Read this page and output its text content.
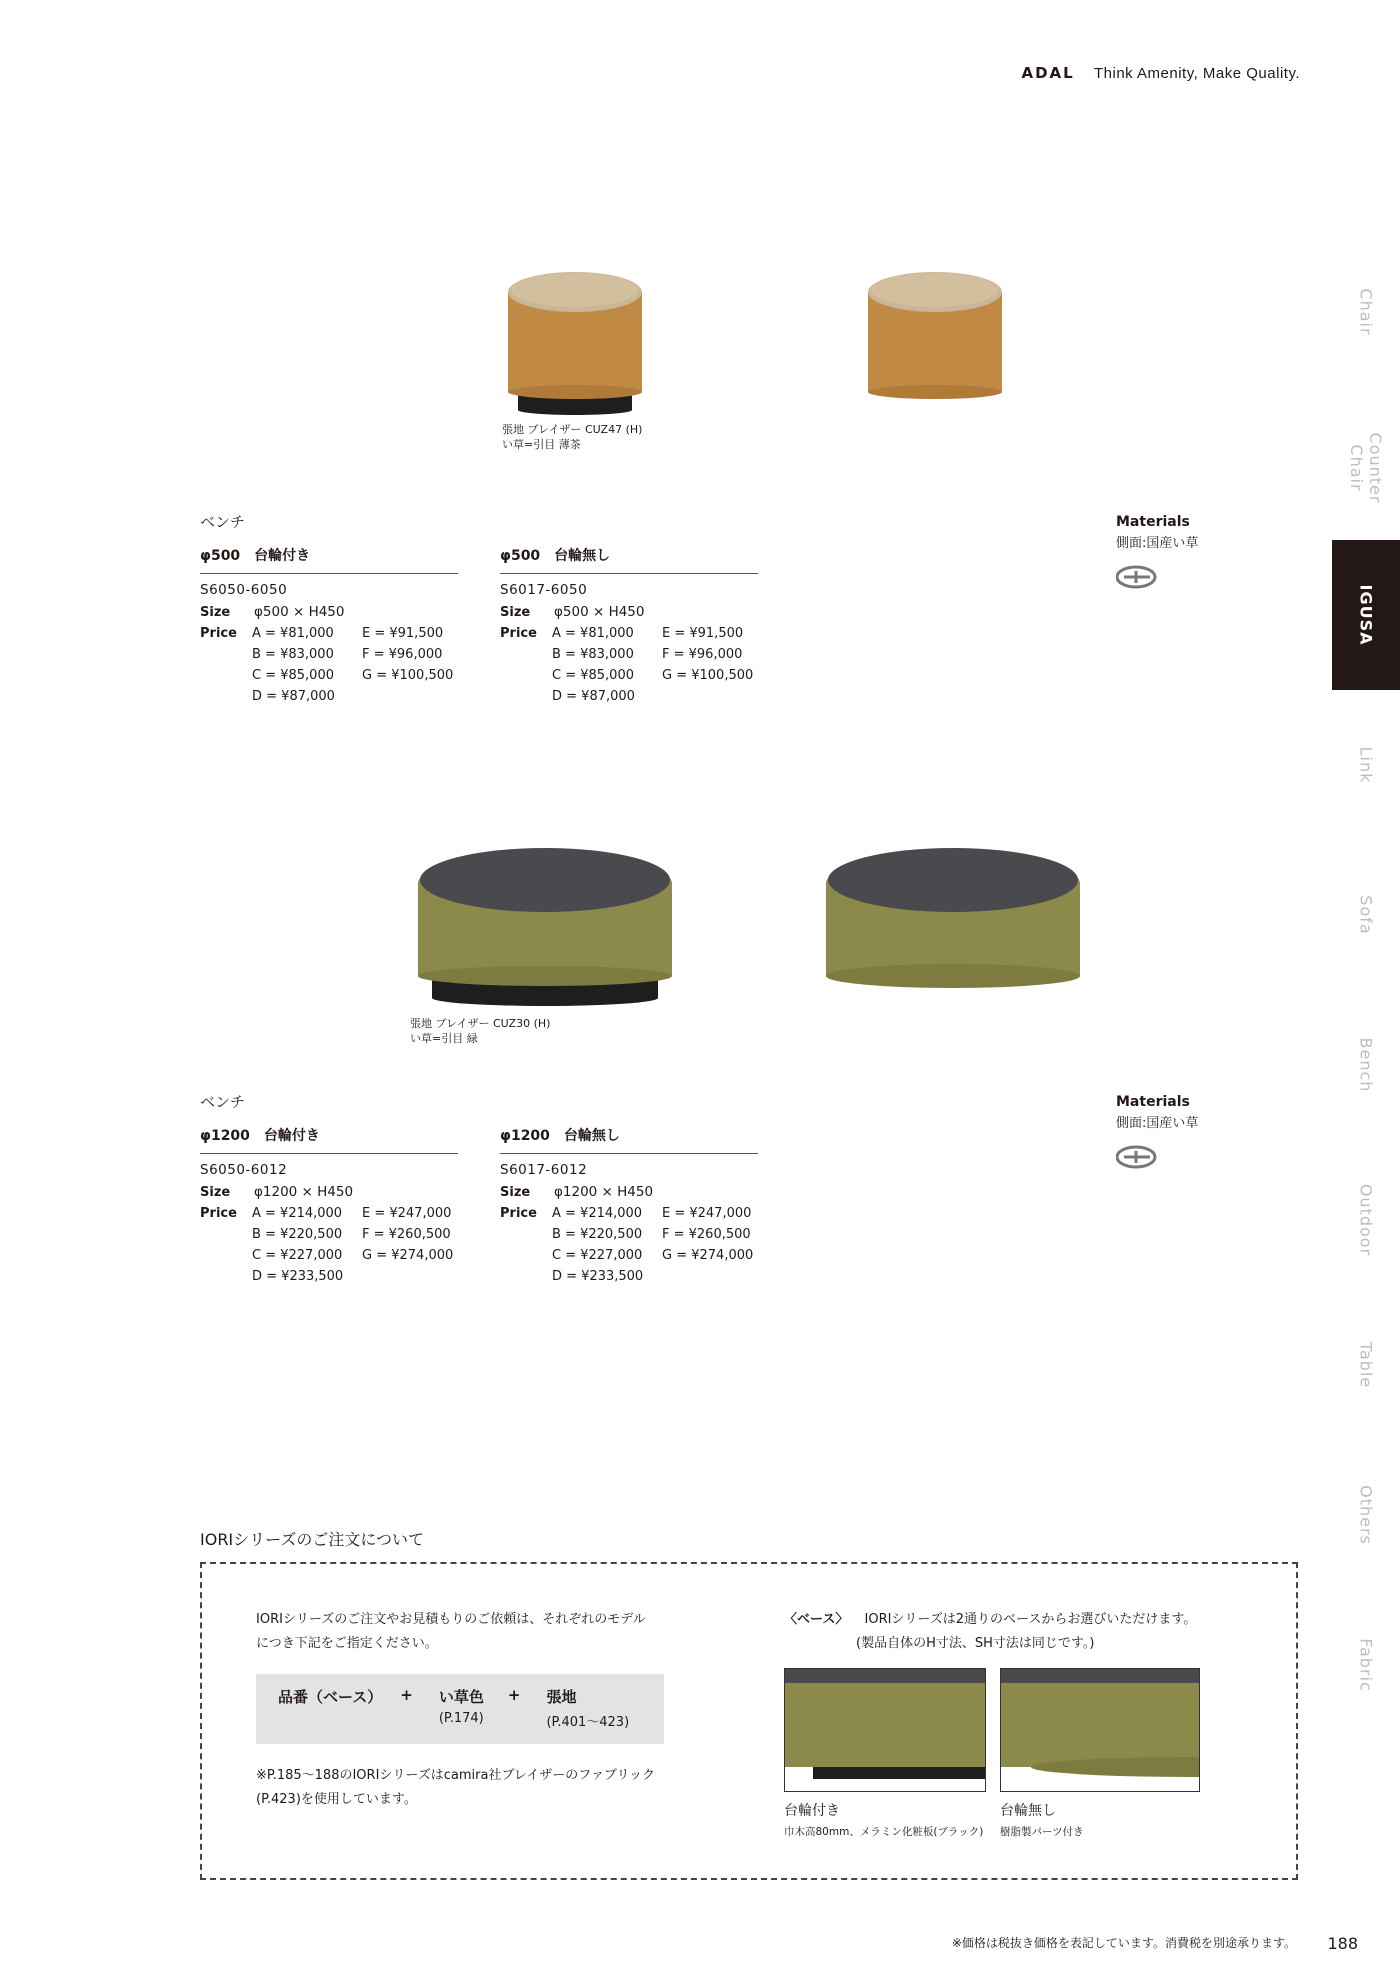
ADAL Think Amenity, Make Quality.
Chair
Counter Chair
IGUSA
Link
Sofa
Bench
Outdoor
Table
Others
Fabric
張地 ブレイザー CUZ47 (H)
い草=引目 薄茶
ベンチ
φ500　台輪付き
S6050-6050
Size	φ500 × H450
Price	A = ¥81,000	E = ¥91,500
B = ¥83,000	F = ¥96,000
C = ¥85,000	G = ¥100,500
D = ¥87,000
φ500　台輪無し
S6017-6050
Size	φ500 × H450
Price	A = ¥81,000	E = ¥91,500
B = ¥83,000	F = ¥96,000
C = ¥85,000	G = ¥100,500
D = ¥87,000
Materials
側面:国産い草
張地 ブレイザー CUZ30 (H)
い草=引目 緑
ベンチ
φ1200　台輪付き
S6050-6012
Size	φ1200 × H450
Price	A = ¥214,000	E = ¥247,000
B = ¥220,500	F = ¥260,500
C = ¥227,000	G = ¥274,000
D = ¥233,500
φ1200　台輪無し
S6017-6012
Size	φ1200 × H450
Price	A = ¥214,000	E = ¥247,000
B = ¥220,500	F = ¥260,500
C = ¥227,000	G = ¥274,000
D = ¥233,500
Materials
側面:国産い草
IORIシリーズのご注文について

IORIシリーズのご注文やお見積もりのご依頼は、それぞれのモデル

につき下記をご指定ください。

品番（ベース） + い草色
(P.174)
+ 張地
(P.401〜423)

※P.185〜188のIORIシリーズはcamira社ブレイザーのファブリック

(P.423)を使用しています。

〈ベース〉 IORIシリーズは2通りのベースからお選びいただけます。

(製品自体のH寸法、SH寸法は同じです。)

台輪付き
巾木高80mm、メラミン化粧板(ブラック)
台輪無し
樹脂製パーツ付き
※価格は税抜き価格を表記しています。消費税を別途承ります。 188
